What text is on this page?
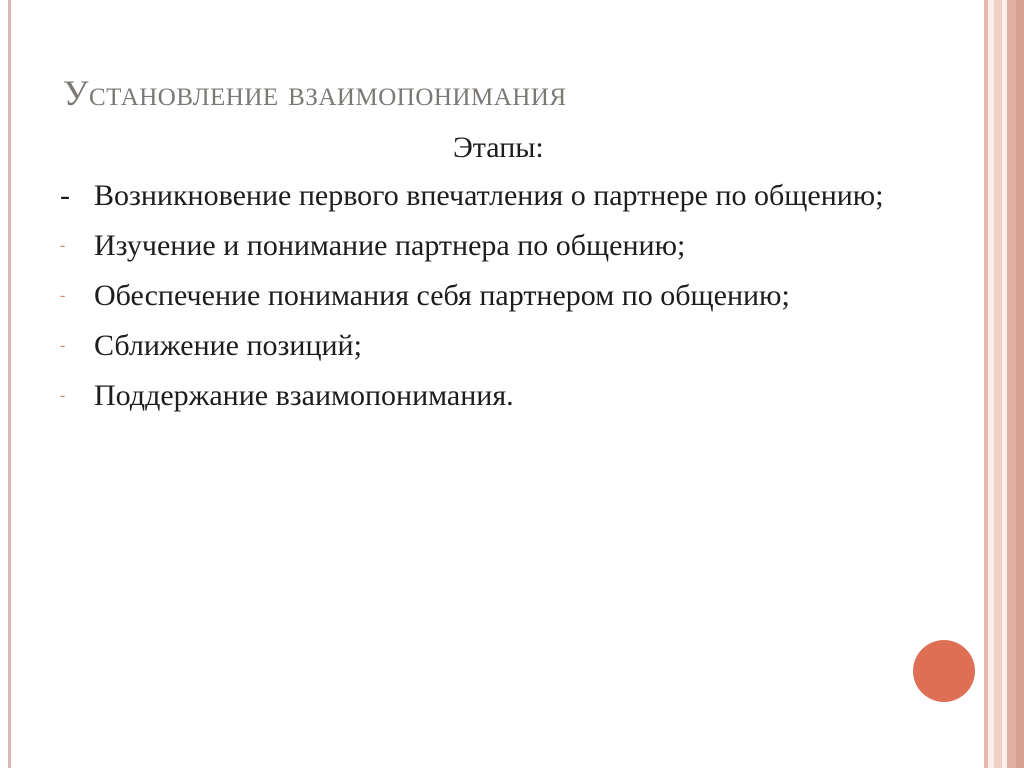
Установление взаимопонимания
Этапы:
- Возникновение первого впечатления о партнере по общению;
- Изучение и понимание партнера по общению;
- Обеспечение понимания себя партнером по общению;
- Сближение позиций;
- Поддержание взаимопонимания.
